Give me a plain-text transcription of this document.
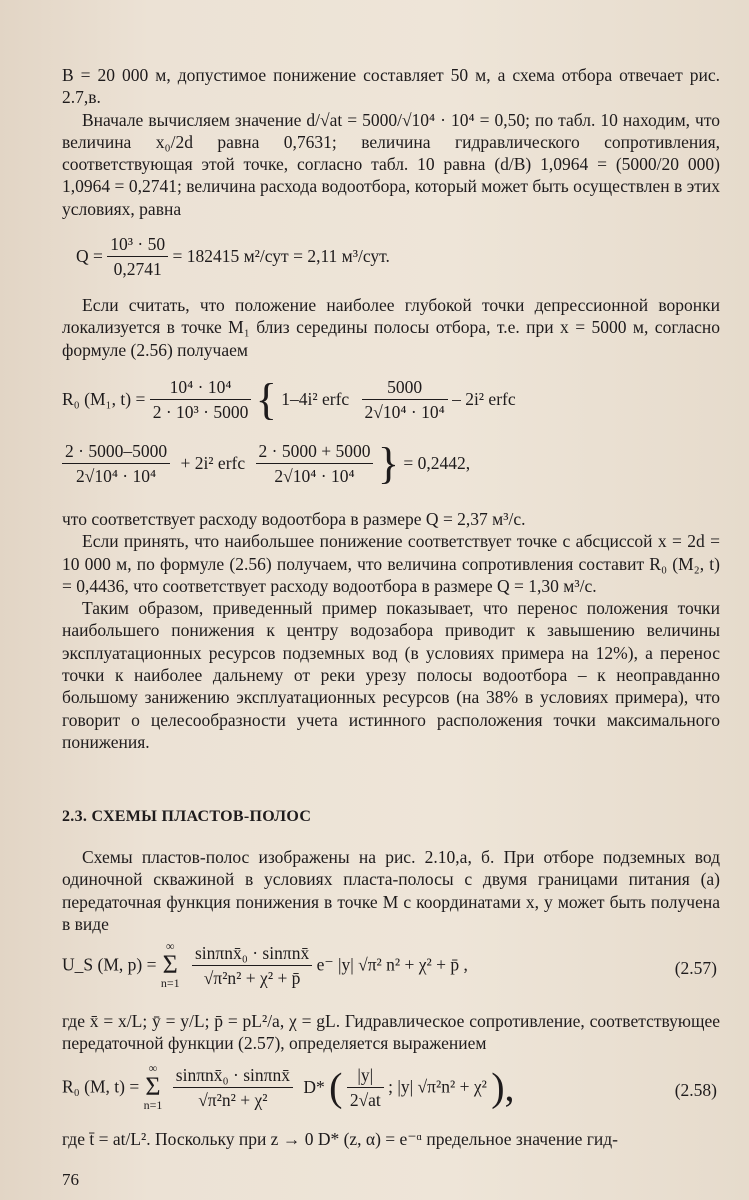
B = 20 000 м, допустимое понижение составляет 50 м, а схема отбора отвечает рис. 2.7,в.

Вначале вычисляем значение d/√at = 5000/√10⁴ · 10⁴ = 0,50; по табл. 10 находим, что величина x₀/2d равна 0,7631; величина гидравлического сопротивления, соответствующая этой точке, согласно табл. 10 равна (d/B) 1,0964 = (5000/20 000) 1,0964 = 0,2741; величина расхода водоотбора, который может быть осуществлен в этих условиях, равна

$Q = \frac{\text{10³ · 50}}{0,2741} = 182415$ м²/сут = 2,11 м³/сут.

Если считать, что положение наиболее глубокой точки депрессионной воронки локализуется в точке M₁ близ середины полосы отбора, т.е. при x = 5000 м, согласно формуле (2.56) получаем

R₀ (M₁, $t) = \frac{\text{10⁴ · 10⁴}}{\text{2 · 10³ · 5000}}$ { 1–4i² erfc $\frac{5000}{\text{2√10⁴ · 10⁴}} - 2i^2$ erfc
$\frac{2 \cdot 5000-5000}{\text{2√10⁴ · 10⁴}} + 2i^2$ erfc $\frac{2 \cdot 5000 + 5000}{\text{2√10⁴ · 10⁴}}$ } = 0,2442,

что соответствует расходу водоотбора в размере Q = 2,37 м³/с.

Если принять, что наибольшее понижение соответствует точке с абсциссой x = 2d = 10 000 м, по формуле (2.56) получаем, что величина сопротивления составит R₀ (M₂, t) = 0,4436, что соответствует расходу водоотбора в размере Q = 1,30 м³/с.

Таким образом, приведенный пример показывает, что перенос положения точки наибольшего понижения к центру водозабора приводит к завышению величины эксплуатационных ресурсов подземных вод (в условиях примера на 12%), а перенос точки к наиболее дальнему от реки урезу полосы водоотбора – к неоправданно большому занижению эксплуатационных ресурсов (на 38% в условиях примера), что говорит о целесообразности учета истинного расположения точки максимального понижения.

2.3. СХЕМЫ ПЛАСТОВ-ПОЛОС

Схемы пластов-полос изображены на рис. 2.10,а, б. При отборе подземных вод одиночной скважиной в условиях пласта-полосы с двумя границами питания (а) передаточная функция понижения в точке M с координатами x, y может быть получена в виде

U_S (M, p) = ∞
Σ
$n=1 \frac{\text{sinπnx̄₀ · sinπnx̄}}{\text{√π²n² + χ² + p̄}} e^-$ |y| √π² n² + χ² + p̄ ,	(2.57)

где x̄ = x/L; ȳ = y/L; p̄ = pL²/a, χ = gL. Гидравлическое сопротивление, соответствующее передаточной функции (2.57), определяется выражением

R₀ (M, t) = ∞
Σ
$n=1 \frac{\text{sinπnx̄₀ · sinπnx̄}}{\text{√π²n² + χ²}} D*$ ( $\frac{|y|}{2√at}$ ; |y| √π²n² + χ² ),	(2.58)

где t̄ = at/L². Поскольку при z → 0 D* (z, α) = e⁻ᵅ предельное значение гид-

76
